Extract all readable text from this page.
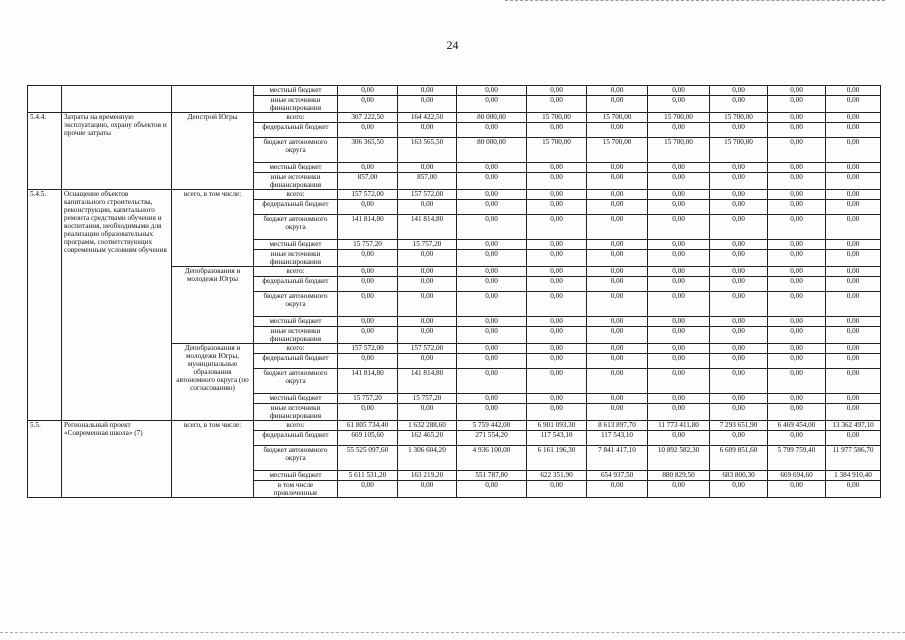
24
			местный бюджет	0,00	0,00	0,00	0,00	0,00	0,00	0,00	0,00	0,00
			иные источники финансирования	0,00	0,00	0,00	0,00	0,00	0,00	0,00	0,00	0,00
5.4.4.	Затраты на временную эксплуатацию, охрану объектов и прочие затраты	Депстрой Югры	всего:	307 222,50	164 422,50	80 000,00	15 700,00	15 700,00	15 700,00	15 700,00	0,00	0,00
			федеральный бюджет	0,00	0,00	0,00	0,00	0,00	0,00	0,00	0,00	0,00
			бюджет автономного округа	306 365,50	163 565,50	80 000,00	15 700,00	15 700,00	15 700,00	15 700,00	0,00	0,00
			местный бюджет	0,00	0,00	0,00	0,00	0,00	0,00	0,00	0,00	0,00
			иные источники финансирования	857,00	857,00	0,00	0,00	0,00	0,00	0,00	0,00	0,00
5.4.5.	Оснащение объектов капитального строительства, реконструкции, капитального ремонта средствами обучения и воспитания, необходимыми для реализации образовательных программ, соответствующих современным условиям обучения	всего, в том числе:	всего:	157 572,00	157 572,00	0,00	0,00	0,00	0,00	0,00	0,00	0,00
			федеральный бюджет	0,00	0,00	0,00	0,00	0,00	0,00	0,00	0,00	0,00
			бюджет автономного округа	141 814,80	141 814,80	0,00	0,00	0,00	0,00	0,00	0,00	0,00
			местный бюджет	15 757,20	15 757,20	0,00	0,00	0,00	0,00	0,00	0,00	0,00
			иные источники финансирования	0,00	0,00	0,00	0,00	0,00	0,00	0,00	0,00	0,00
		Депобразования и молодежи Югры	всего:	0,00	0,00	0,00	0,00	0,00	0,00	0,00	0,00	0,00
			федеральный бюджет	0,00	0,00	0,00	0,00	0,00	0,00	0,00	0,00	0,00
			бюджет автономного округа	0,00	0,00	0,00	0,00	0,00	0,00	0,00	0,00	0,00
			местный бюджет	0,00	0,00	0,00	0,00	0,00	0,00	0,00	0,00	0,00
			иные источники финансирования	0,00	0,00	0,00	0,00	0,00	0,00	0,00	0,00	0,00
		Депобразования и молодежи Югры, муниципальные образования автономного округа (по согласованию)	всего:	157 572,00	157 572,00	0,00	0,00	0,00	0,00	0,00	0,00	0,00
			федеральный бюджет	0,00	0,00	0,00	0,00	0,00	0,00	0,00	0,00	0,00
			бюджет автономного округа	141 814,80	141 814,80	0,00	0,00	0,00	0,00	0,00	0,00	0,00
			местный бюджет	15 757,20	15 757,20	0,00	0,00	0,00	0,00	0,00	0,00	0,00
			иные источники финансирования	0,00	0,00	0,00	0,00	0,00	0,00	0,00	0,00	0,00
5.5.	Региональный проект «Современная школа» (7)	всего, в том числе:	всего:	61 805 734,40	1 632 288,60	5 759 442,00	6 901 093,30	8 613 897,70	11 773 411,80	7 293 651,90	6 469 454,00	13 362 497,10
			федеральный бюджет	669 105,60	162 465,20	271 554,20	117 543,10	117 543,10	0,00	0,00	0,00	0,00
			бюджет автономного округа	55 525 097,60	1 306 604,20	4 936 100,00	6 161 196,30	7 841 417,10	10 892 582,30	6 609 851,60	5 799 759,40	11 977 586,70
			местный бюджет	5 611 531,20	163 219,20	551 787,80	622 351,90	654 937,50	880 829,50	683 800,30	669 694,60	1 384 910,40
			в том числе привлеченные	0,00	0,00	0,00	0,00	0,00	0,00	0,00	0,00	0,00
